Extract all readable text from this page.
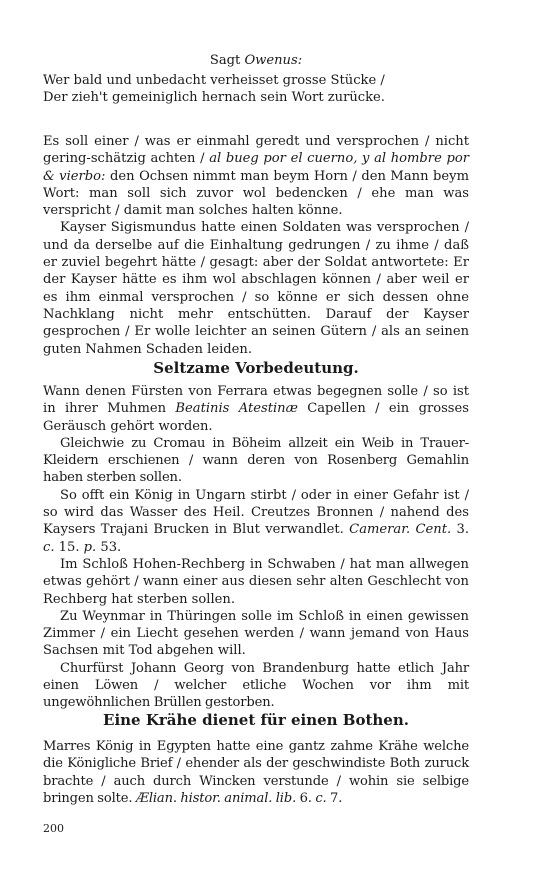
Sagt Owenus:
Wer bald und unbedacht verheisset grosse Stücke /
Der zieh't gemeiniglich hernach sein Wort zurücke.

Es soll einer / was er einmahl geredt und versprochen / nicht gering-schätzig achten / al bueg por el cuerno, y al hombre por & vierbo: den Ochsen nimmt man beym Horn / den Mann beym Wort: man soll sich zuvor wol bedencken / ehe man was verspricht / damit man solches halten könne.

Kayser Sigismundus hatte einen Soldaten was versprochen / und da derselbe auf die Einhaltung gedrungen / zu ihme / daß er zuviel begehrt hätte / gesagt: aber der Soldat antwortete: Er der Kayser hätte es ihm wol abschlagen können / aber weil er es ihm einmal versprochen / so könne er sich dessen ohne Nachklang nicht mehr entschütten. Darauf der Kayser gesprochen / Er wolle leichter an seinen Gütern / als an seinen guten Nahmen Schaden leiden.

Seltzame Vorbedeutung.

Wann denen Fürsten von Ferrara etwas begegnen solle / so ist in ihrer Muhmen Beatinis Atestinæ Capellen / ein grosses Geräusch gehört worden.

Gleichwie zu Cromau in Böheim allzeit ein Weib in Trauer-Kleidern erschienen / wann deren von Rosenberg Gemahlin haben sterben sollen.

So offt ein König in Ungarn stirbt / oder in einer Gefahr ist / so wird das Wasser des Heil. Creutzes Bronnen / nahend des Kaysers Trajani Brucken in Blut verwandlet. Camerar. Cent. 3. c. 15. p. 53.

Im Schloß Hohen-Rechberg in Schwaben / hat man allwegen etwas gehört / wann einer aus diesen sehr alten Geschlecht von Rechberg hat sterben sollen.

Zu Weynmar in Thüringen solle im Schloß in einen gewissen Zimmer / ein Liecht gesehen werden / wann jemand von Haus Sachsen mit Tod abgehen will.

Churfürst Johann Georg von Brandenburg hatte etlich Jahr einen Löwen / welcher etliche Wochen vor ihm mit ungewöhnlichen Brüllen gestorben.

Eine Krähe dienet für einen Bothen.

Marres König in Egypten hatte eine gantz zahme Krähe welche die Königliche Brief / ehender als der geschwindiste Both zuruck brachte / auch durch Wincken verstunde / wohin sie selbige bringen solte. Ælian. histor. animal. lib. 6. c. 7.

200
